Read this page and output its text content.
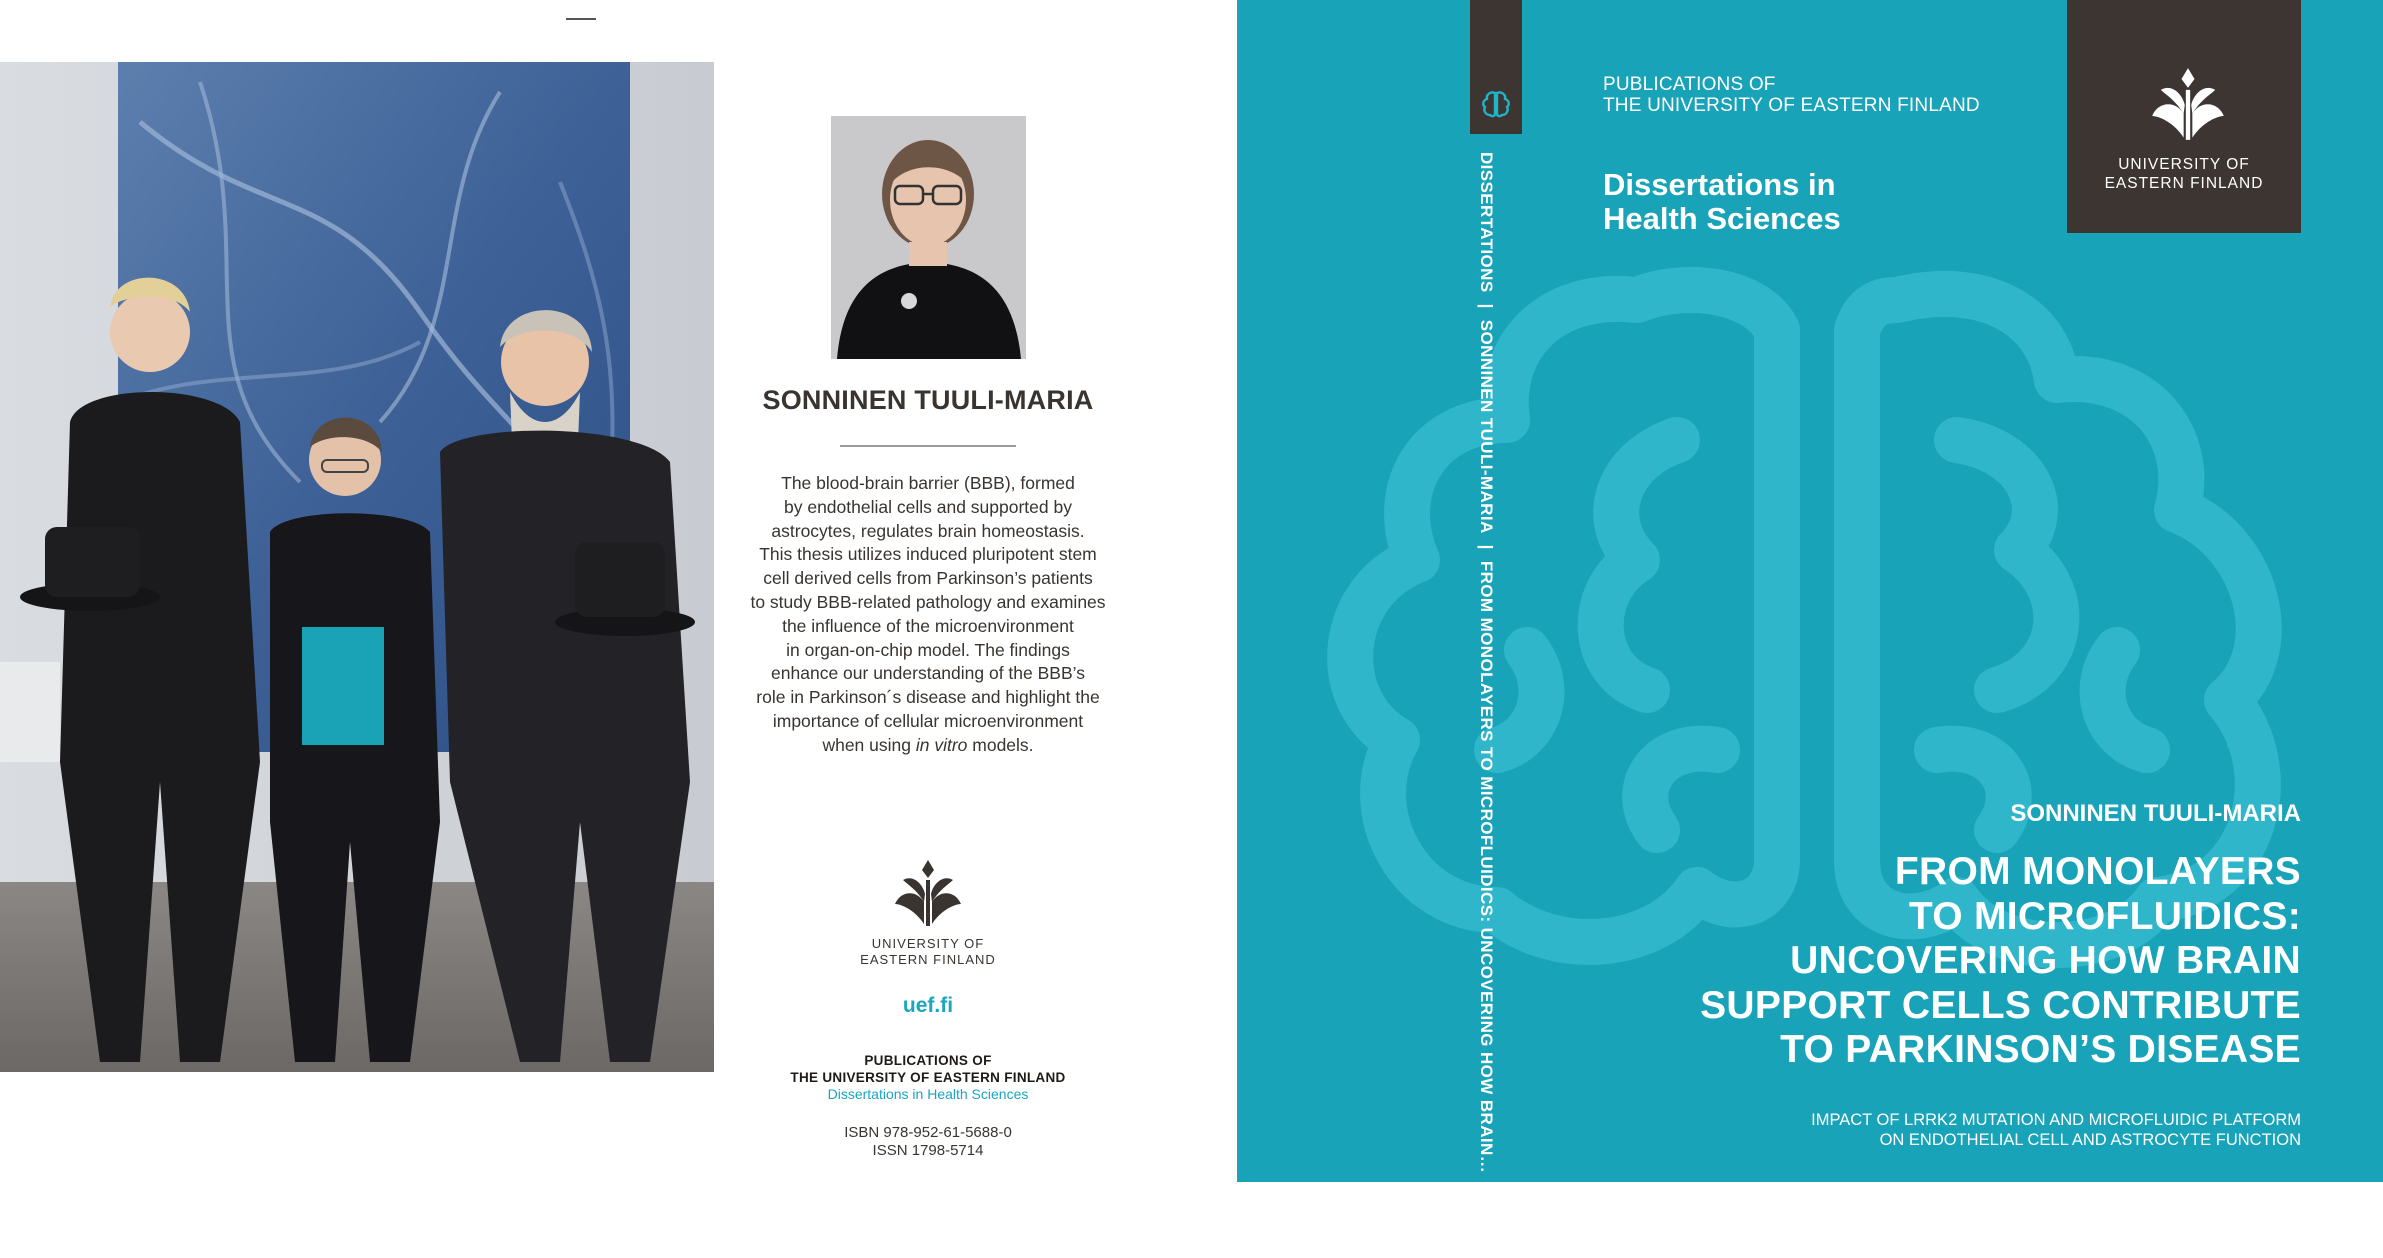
SONNINEN TUULI-MARIA
The blood-brain barrier (BBB), formed
by endothelial cells and supported by
astrocytes, regulates brain homeostasis.
This thesis utilizes induced pluripotent stem
cell derived cells from Parkinson’s patients
to study BBB-related pathology and examines
the influence of the microenvironment
in organ-on-chip model. The findings
enhance our understanding of the BBB’s
role in Parkinson´s disease and highlight the
importance of cellular microenvironment
when using in vitro models.
UNIVERSITY OF
EASTERN FINLAND
uef.fi
PUBLICATIONS OF
THE UNIVERSITY OF EASTERN FINLAND
Dissertations in Health Sciences
ISBN 978-952-61-5688-0
ISSN 1798-5714
DISSERTATIONS|SONNINEN TUULI-MARIA|FROM MONOLAYERS TO MICROFLUIDICS: UNCOVERING HOW BRAIN…|No 912
PUBLICATIONS OF
THE UNIVERSITY OF EASTERN FINLAND
Dissertations in
Health Sciences
UNIVERSITY OF
EASTERN FINLAND
SONNINEN TUULI-MARIA
FROM MONOLAYERS
TO MICROFLUIDICS:
UNCOVERING HOW BRAIN
SUPPORT CELLS CONTRIBUTE
TO PARKINSON’S DISEASE
IMPACT OF LRRK2 MUTATION AND MICROFLUIDIC PLATFORM
ON ENDOTHELIAL CELL AND ASTROCYTE FUNCTION
